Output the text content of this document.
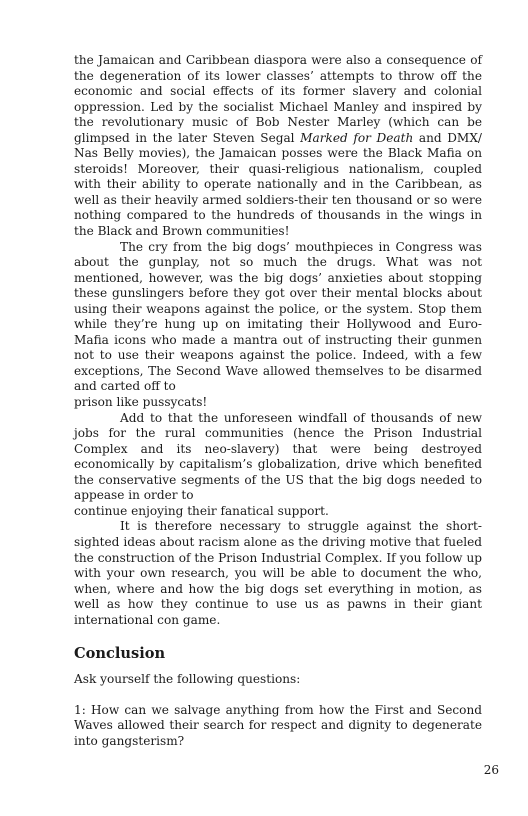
the Jamaican and Caribbean diaspora were also a consequence of the degeneration of its lower classes’ attempts to throw off the economic and social effects of its former slavery and colonial oppression. Led by the socialist Michael Manley and inspired by the revolutionary music of Bob Nester Marley (which can be glimpsed in the later Steven Segal Marked for Death and DMX/ Nas Belly movies), the Jamaican posses were the Black Mafia on steroids! Moreover, their quasi-religious nationalism, coupled with their ability to operate nationally and in the Caribbean, as well as their heavily armed soldiers-their ten thousand or so were nothing compared to the hundreds of thousands in the wings in the Black and Brown communities!

The cry from the big dogs’ mouthpieces in Congress was about the gunplay, not so much the drugs. What was not mentioned, however, was the big dogs’ anxieties about stopping these gunslingers before they got over their mental blocks about using their weapons against the police, or the system. Stop them while they’re hung up on imitating their Hollywood and Euro-Mafia icons who made a mantra out of instructing their gunmen not to use their weapons against the police. Indeed, with a few exceptions, The Second Wave allowed themselves to be disarmed and carted off to

prison like pussycats!

Add to that the unforeseen windfall of thousands of new jobs for the rural communities (hence the Prison Industrial Complex and its neo-slavery) that were being destroyed economically by capitalism’s globalization, drive which benefited the conservative segments of the US that the big dogs needed to appease in order to

continue enjoying their fanatical support.

It is therefore necessary to struggle against the short-sighted ideas about racism alone as the driving motive that fueled the construction of the Prison Industrial Complex. If you follow up with your own research, you will be able to document the who, when, where and how the big dogs set everything in motion, as well as how they continue to use us as pawns in their giant international con game.

Conclusion

Ask yourself the following questions:

1: How can we salvage anything from how the First and Second Waves allowed their search for respect and dignity to degenerate into gangsterism?

26
